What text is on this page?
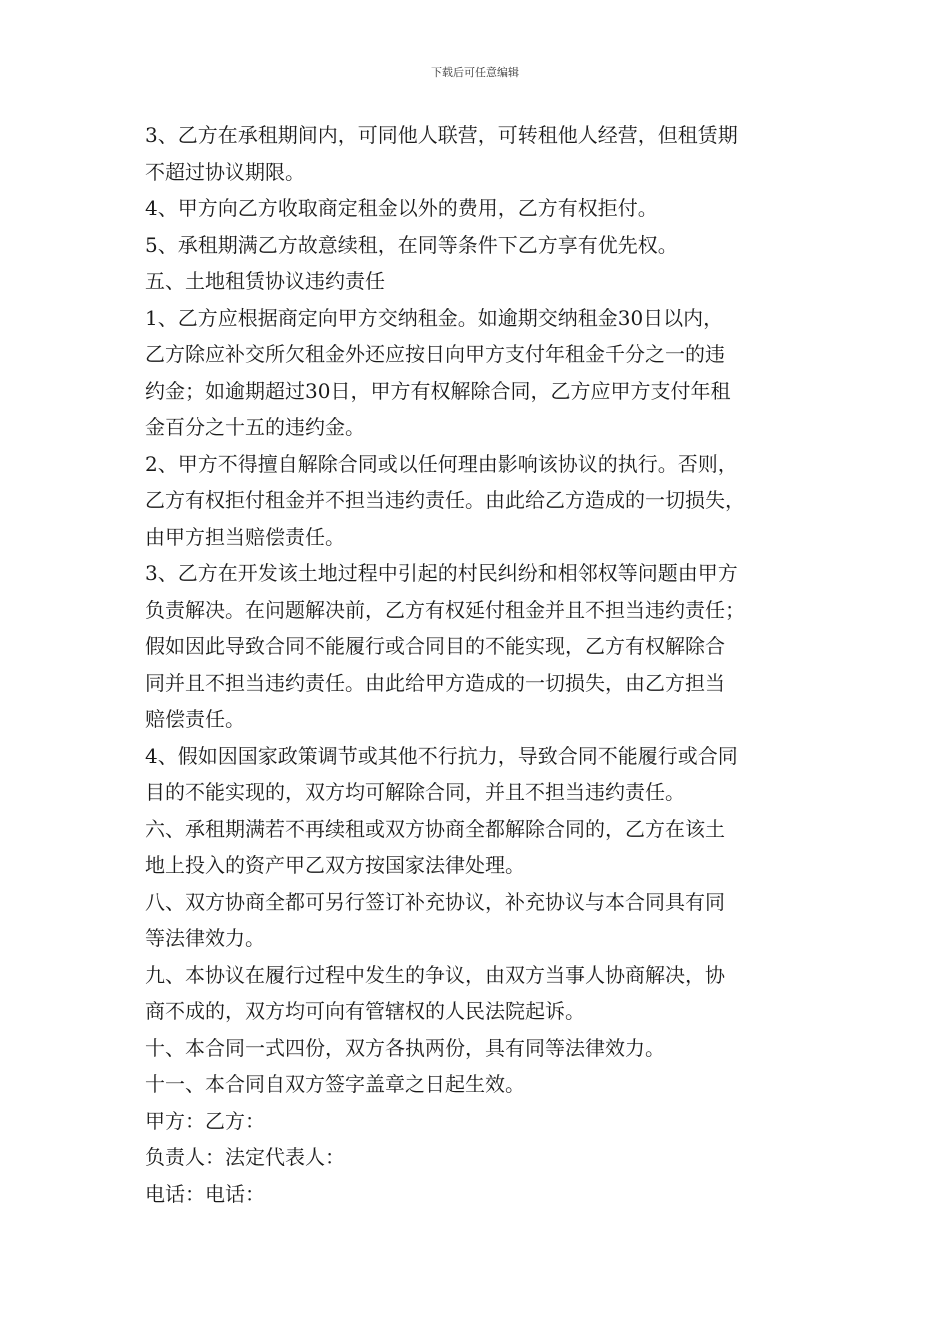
下载后可任意编辑
3、乙方在承租期间内，可同他人联营，可转租他人经营，但租赁期
不超过协议期限。
4、甲方向乙方收取商定租金以外的费用，乙方有权拒付。
5、承租期满乙方故意续租，在同等条件下乙方享有优先权。
五、土地租赁协议违约责任
1、乙方应根据商定向甲方交纳租金。如逾期交纳租金30日以内，
乙方除应补交所欠租金外还应按日向甲方支付年租金千分之一的违
约金；如逾期超过30日，甲方有权解除合同，乙方应甲方支付年租
金百分之十五的违约金。
2、甲方不得擅自解除合同或以任何理由影响该协议的执行。否则，
乙方有权拒付租金并不担当违约责任。由此给乙方造成的一切损失，
由甲方担当赔偿责任。
3、乙方在开发该土地过程中引起的村民纠纷和相邻权等问题由甲方
负责解决。在问题解决前，乙方有权延付租金并且不担当违约责任；
假如因此导致合同不能履行或合同目的不能实现，乙方有权解除合
同并且不担当违约责任。由此给甲方造成的一切损失，由乙方担当
赔偿责任。
4、假如因国家政策调节或其他不行抗力，导致合同不能履行或合同
目的不能实现的，双方均可解除合同，并且不担当违约责任。
六、承租期满若不再续租或双方协商全都解除合同的，乙方在该土
地上投入的资产甲乙双方按国家法律处理。
八、双方协商全都可另行签订补充协议，补充协议与本合同具有同
等法律效力。
九、本协议在履行过程中发生的争议，由双方当事人协商解决，协
商不成的，双方均可向有管辖权的人民法院起诉。
十、本合同一式四份，双方各执两份，具有同等法律效力。
十一、本合同自双方签字盖章之日起生效。
甲方：乙方：
负责人：法定代表人：
电话：电话：
